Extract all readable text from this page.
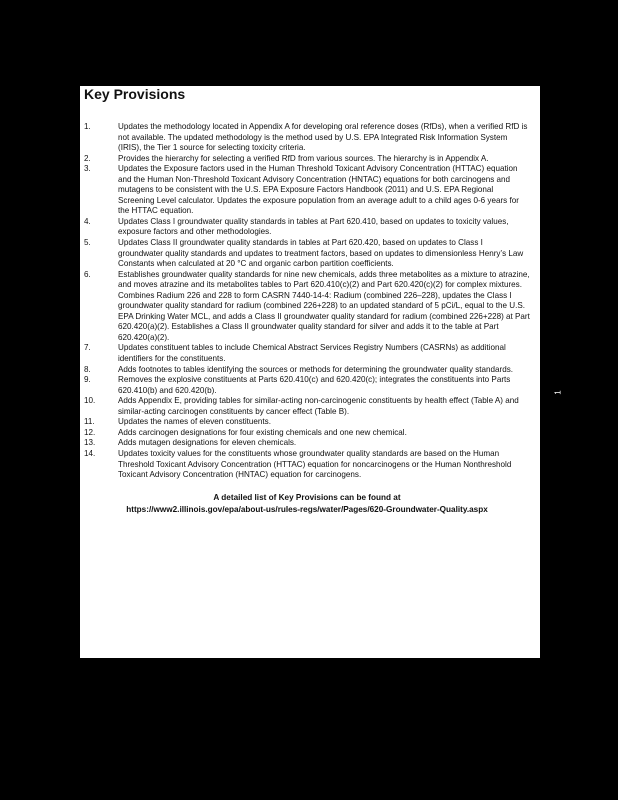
Key Provisions
1.	Updates the methodology located in Appendix A for developing oral reference doses (RfDs), when a verified RfD is not available. The updated methodology is the method used by U.S. EPA Integrated Risk Information System (IRIS), the Tier 1 source for selecting toxicity criteria.
2.	Provides the hierarchy for selecting a verified RfD from various sources. The hierarchy is in Appendix A.
3.	Updates the Exposure factors used in the Human Threshold Toxicant Advisory Concentration (HTTAC) equation and the Human Non-Threshold Toxicant Advisory Concentration (HNTAC) equations for both carcinogens and mutagens to be consistent with the U.S. EPA Exposure Factors Handbook (2011) and U.S. EPA Regional Screening Level calculator. Updates the exposure population from an average adult to a child ages 0-6 years for the HTTAC equation.
4.	Updates Class I groundwater quality standards in tables at Part 620.410, based on updates to toxicity values, exposure factors and other methodologies.
5.	Updates Class II groundwater quality standards in tables at Part 620.420, based on updates to Class I groundwater quality standards and updates to treatment factors, based on updates to dimensionless Henry’s Law Constants when calculated at 20 °C and organic carbon partition coefficients.
6.	Establishes groundwater quality standards for nine new chemicals, adds three metabolites as a mixture to atrazine, and moves atrazine and its metabolites tables to Part 620.410(c)(2) and Part 620.420(c)(2) for complex mixtures. Combines Radium 226 and 228 to form CASRN 7440-14-4: Radium (combined 226–228), updates the Class I groundwater quality standard for radium (combined 226+228) to an updated standard of 5 pCi/L, equal to the U.S. EPA Drinking Water MCL, and adds a Class II groundwater quality standard for radium (combined 226+228) at Part 620.420(a)(2). Establishes a Class II groundwater quality standard for silver and adds it to the table at Part 620.420(a)(2).
7.	Updates constituent tables to include Chemical Abstract Services Registry Numbers (CASRNs) as additional identifiers for the constituents.
8.	Adds footnotes to tables identifying the sources or methods for determining the groundwater quality standards.
9.	Removes the explosive constituents at Parts 620.410(c) and 620.420(c); integrates the constituents into Parts 620.410(b) and 620.420(b).
10.	Adds Appendix E, providing tables for similar-acting non-carcinogenic constituents by health effect (Table A) and similar-acting carcinogen constituents by cancer effect (Table B).
11.	Updates the names of eleven constituents.
12.	Adds carcinogen designations for four existing chemicals and one new chemical.
13.	Adds mutagen designations for eleven chemicals.
14.	Updates toxicity values for the constituents whose groundwater quality standards are based on the Human Threshold Toxicant Advisory Concentration (HTTAC) equation for noncarcinogens or the Human Nonthreshold Toxicant Advisory Concentration (HNTAC) equation for carcinogens.
A detailed list of Key Provisions can be found at
https://www2.illinois.gov/epa/about-us/rules-regs/water/Pages/620-Groundwater-Quality.aspx
1
